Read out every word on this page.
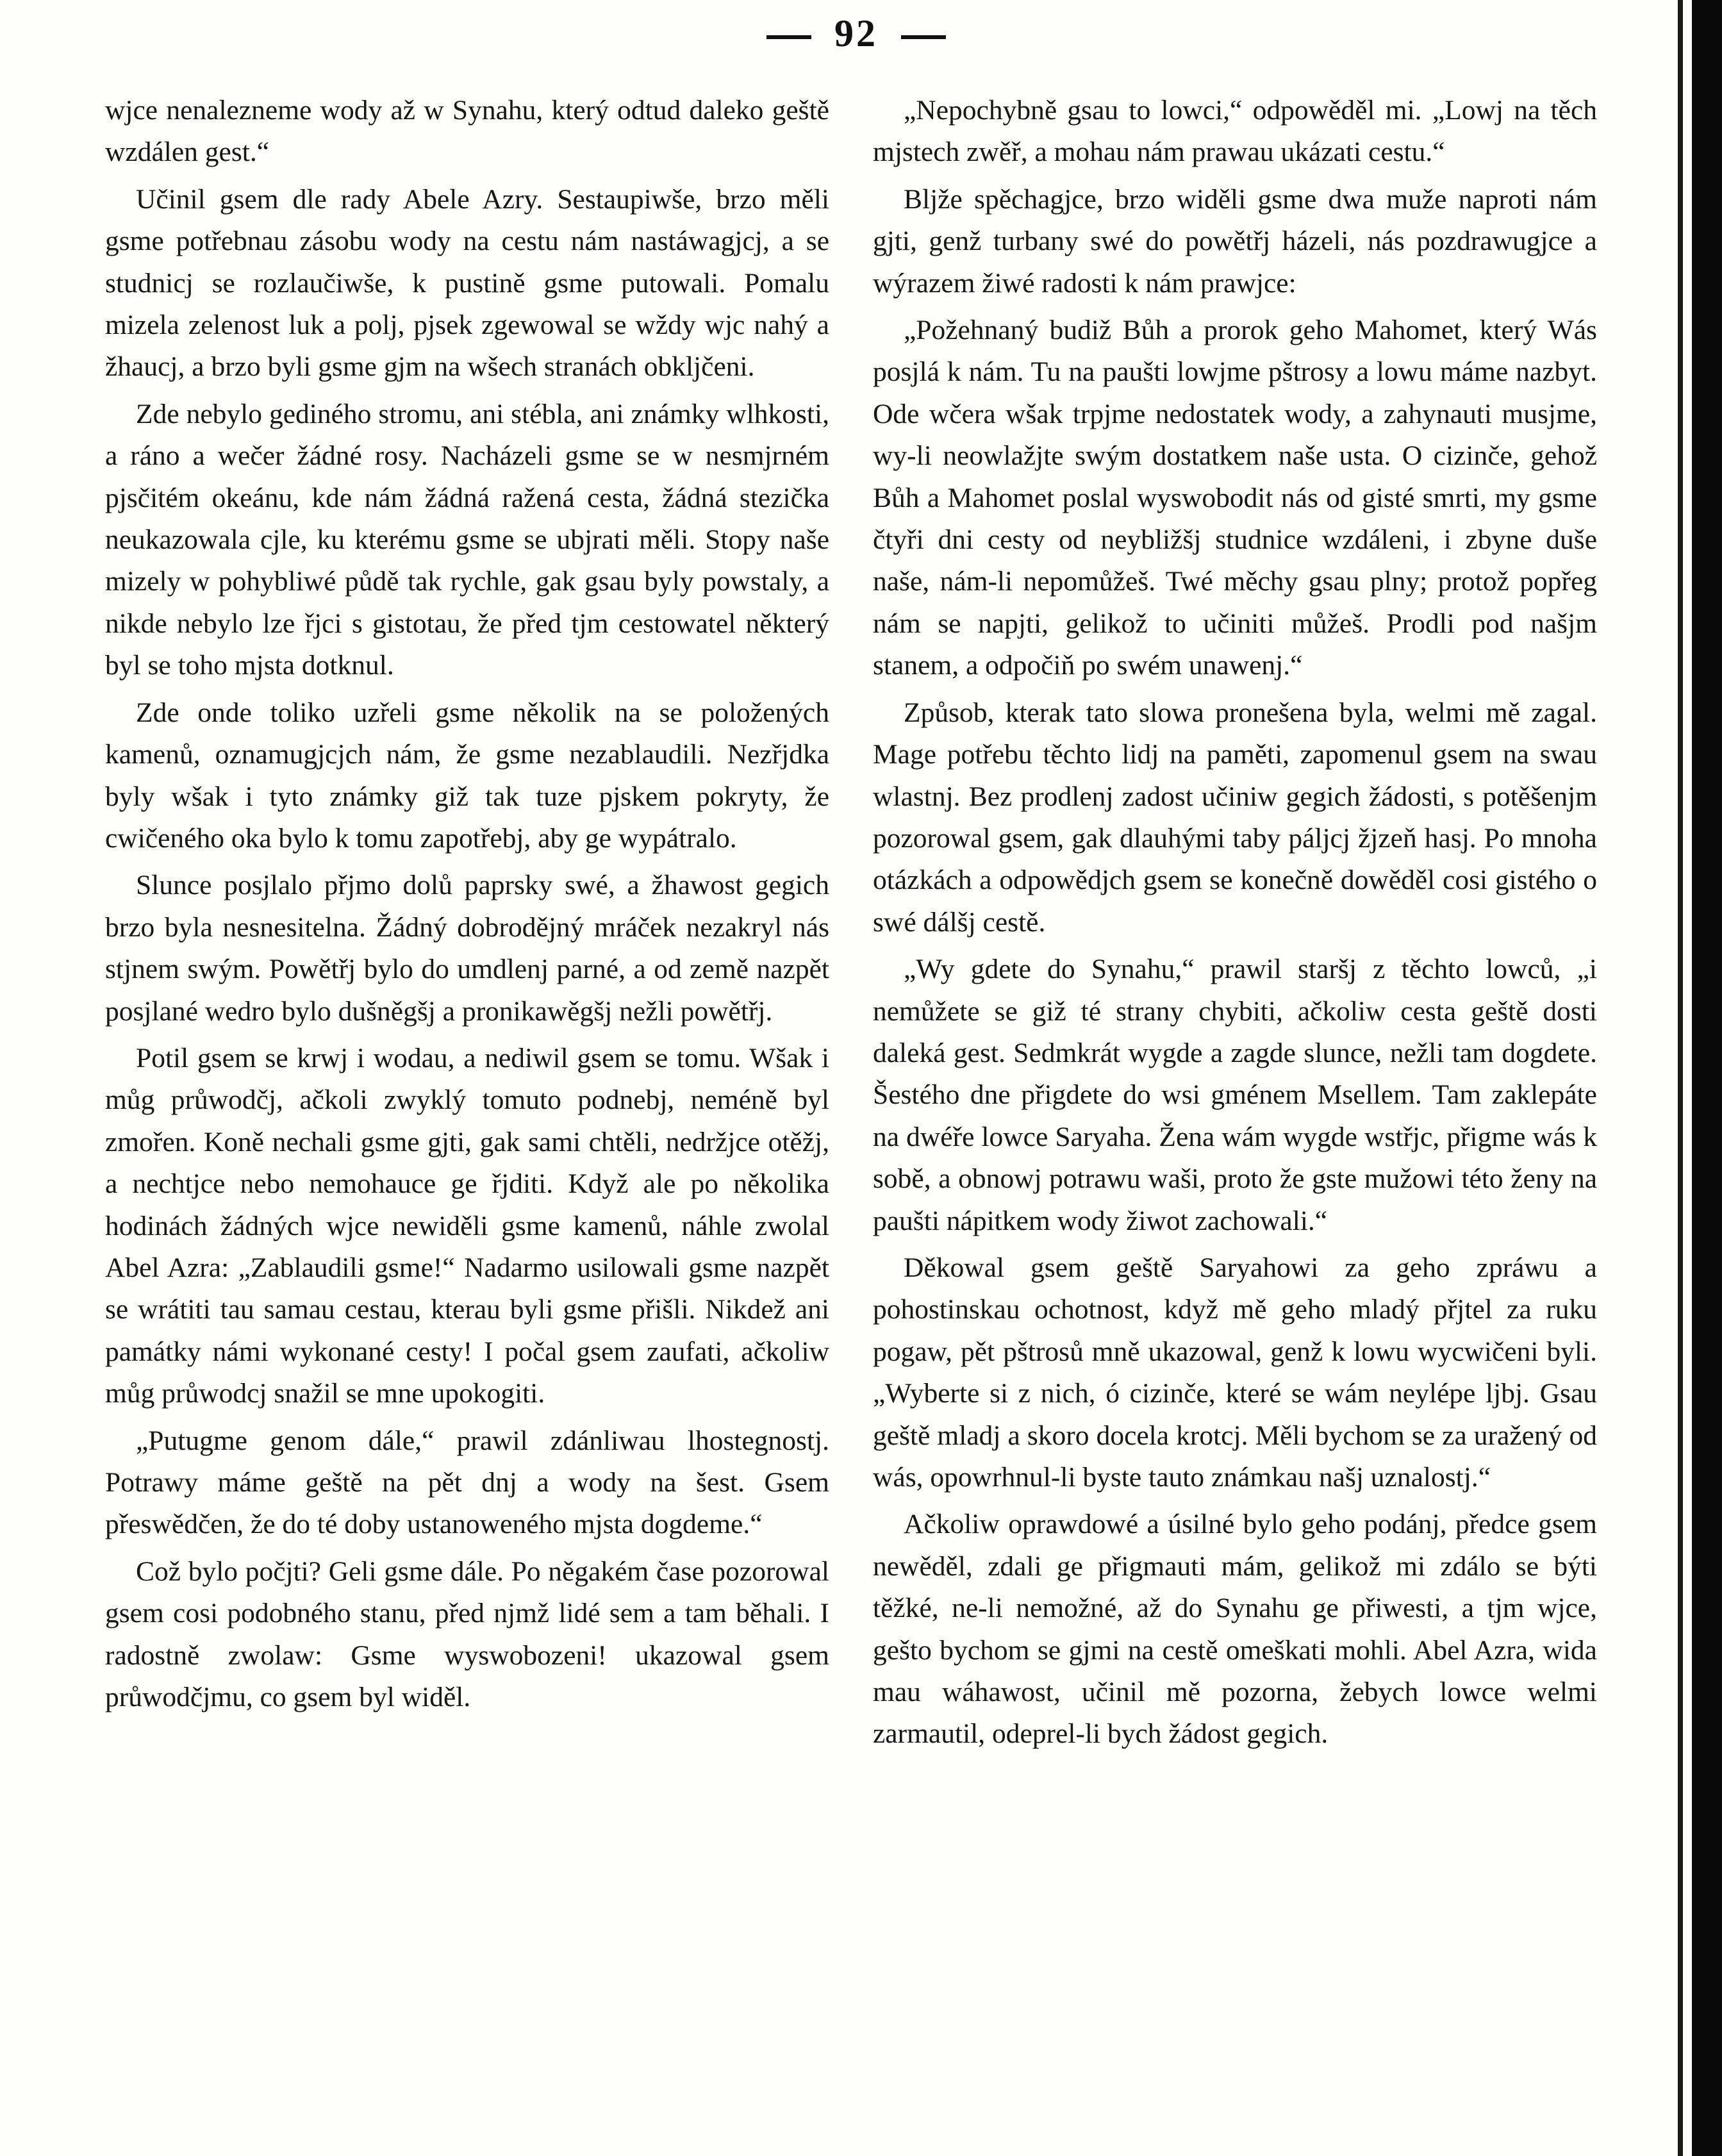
92

wjce nenalezneme wody až w Synahu, který odtud daleko geště wzdálen gest.“

Učinil gsem dle rady Abele Azry. Sestaupiwše, brzo měli gsme potřebnau zásobu wody na cestu nám nastáwagjcj, a se studnicj se rozlaučiwše, k pustině gsme putowali. Pomalu mizela zelenost luk a polj, pjsek zgewowal se wždy wjc nahý a žhaucj, a brzo byli gsme gjm na wšech stranách obkljčeni.

Zde nebylo gediného stromu, ani stébla, ani známky wlhkosti, a ráno a wečer žádné rosy. Nacházeli gsme se w nesmjrném pjsčitém okeánu, kde nám žádná ražená cesta, žádná stezička neukazowala cjle, ku kterému gsme se ubjrati měli. Stopy naše mizely w pohybliwé půdě tak rychle, gak gsau byly powstaly, a nikde nebylo lze řjci s gistotau, že před tjm cestowatel některý byl se toho mjsta dotknul.

Zde onde toliko uzřeli gsme několik na se položených kamenů, oznamugjcjch nám, že gsme nezablaudili. Nezřjdka byly wšak i tyto známky giž tak tuze pjskem pokryty, že cwičeného oka bylo k tomu zapotřebj, aby ge wypátralo.

Slunce posjlalo přjmo dolů paprsky swé, a žhawost gegich brzo byla nesnesitelna. Žádný dobrodějný mráček nezakryl nás stjnem swým. Powětřj bylo do umdlenj parné, a od země nazpět posjlané wedro bylo dušněgšj a pronikawěgšj nežli powětřj.

Potil gsem se krwj i wodau, a nediwil gsem se tomu. Wšak i můg průwodčj, ačkoli zwyklý tomuto podnebj, neméně byl zmořen. Koně nechali gsme gjti, gak sami chtěli, nedržjce otěžj, a nechtjce nebo nemohauce ge řjditi. Když ale po několika hodinách žádných wjce newiděli gsme kamenů, náhle zwolal Abel Azra: „Zablaudili gsme!“ Nadarmo usilowali gsme nazpět se wrátiti tau samau cestau, kterau byli gsme přišli. Nikdež ani památky námi wykonané cesty! I počal gsem zaufati, ačkoliw můg průwodcj snažil se mne upokogiti.

„Putugme genom dále,“ prawil zdánliwau lhostegnostj. Potrawy máme geště na pět dnj a wody na šest. Gsem přeswědčen, že do té doby ustanoweného mjsta dogdeme.“

Což bylo počjti? Geli gsme dále. Po něgakém čase pozorowal gsem cosi podobného stanu, před njmž lidé sem a tam běhali. I radostně zwolaw: Gsme wyswobozeni! ukazowal gsem průwodčjmu, co gsem byl widěl.

„Nepochybně gsau to lowci,“ odpowěděl mi. „Lowj na těch mjstech zwěř, a mohau nám prawau ukázati cestu.“

Bljže spěchagjce, brzo widěli gsme dwa muže naproti nám gjti, genž turbany swé do powětřj házeli, nás pozdrawugjce a wýrazem žiwé radosti k nám prawjce:

„Požehnaný budiž Bůh a prorok geho Mahomet, který Wás posjlá k nám. Tu na paušti lowjme pštrosy a lowu máme nazbyt. Ode wčera wšak trpjme nedostatek wody, a zahynauti musjme, wy-li neowlažjte swým dostatkem naše usta. O cizinče, gehož Bůh a Mahomet poslal wyswobodit nás od gisté smrti, my gsme čtyři dni cesty od neybližšj studnice wzdáleni, i zbyne duše naše, nám-li nepomůžeš. Twé měchy gsau plny; protož popřeg nám se napjti, gelikož to učiniti můžeš. Prodli pod našjm stanem, a odpočiň po swém unawenj.“

Způsob, kterak tato slowa pronešena byla, welmi mě zagal. Mage potřebu těchto lidj na paměti, zapomenul gsem na swau wlastnj. Bez prodlenj zadost učiniw gegich žádosti, s potěšenjm pozorowal gsem, gak dlauhými taby páljcj žjzeň hasj. Po mnoha otázkách a odpowědjch gsem se konečně dowěděl cosi gistého o swé dálšj cestě.

„Wy gdete do Synahu,“ prawil staršj z těchto lowců, „i nemůžete se giž té strany chybiti, ačkoliw cesta geště dosti daleká gest. Sedmkrát wygde a zagde slunce, nežli tam dogdete. Šestého dne přigdete do wsi gménem Msellem. Tam zaklepáte na dwéře lowce Saryaha. Žena wám wygde wstřjc, přigme wás k sobě, a obnowj potrawu waši, proto že gste mužowi této ženy na paušti nápitkem wody žiwot zachowali.“

Děkowal gsem geště Saryahowi za geho zpráwu a pohostinskau ochotnost, když mě geho mladý přjtel za ruku pogaw, pět pštrosů mně ukazowal, genž k lowu wycwičeni byli. „Wyberte si z nich, ó cizinče, které se wám neylépe ljbj. Gsau geště mladj a skoro docela krotcj. Měli bychom se za uražený od wás, opowrhnul-li byste tauto známkau našj uznalostj.“

Ačkoliw oprawdowé a úsilné bylo geho podánj, předce gsem newěděl, zdali ge přigmauti mám, gelikož mi zdálo se býti těžké, ne-li nemožné, až do Synahu ge přiwesti, a tjm wjce, gešto bychom se gjmi na cestě omeškati mohli. Abel Azra, wida mau wáhawost, učinil mě pozorna, žebych lowce welmi zarmautil, odeprel-li bych žádost gegich.
